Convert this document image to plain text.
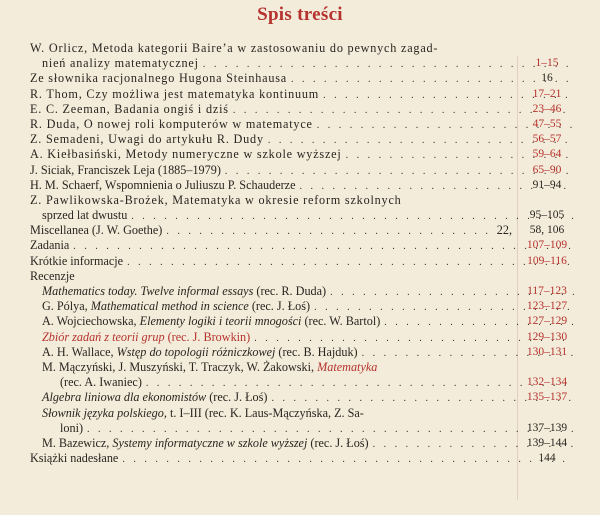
Spis treści
W. Orlicz, Metoda kategorii Baire’a w zastosowaniu do pewnych zagad-
nień analizy matematycznej . . .	1–15
Ze słownika racjonalnego Hugona Steinhausa . . .	16
R. Thom, Czy możliwa jest matematyka kontinuum . . .	17–21
E. C. Zeeman, Badania ongiś i dziś . . .	23–46
R. Duda, O nowej roli komputerów w matematyce . . .	47–55
Z. Semadeni, Uwagi do artykułu R. Dudy . . .	56–57
A. Kiełbasiński, Metody numeryczne w szkole wyższej . . .	59–64
J. Siciak, Franciszek Leja (1885–1979) . . .	65–90
H. M. Schaerf, Wspomnienia o Juliuszu P. Schauderze . . .	91–94
Z. Pawlikowska-Brożek, Matematyka w okresie reform szkolnych
sprzed lat dwustu . . .	95–105
Miscellanea (J. W. Goethe) . . .	22,	58, 106
Zadania . . .	107–109
Krótkie informacje . . .	109–116
Recenzje
Mathematics today. Twelve informal essays (rec. R. Duda) . . .	117–123
G. Pólya, Mathematical method in science (rec. J. Łoś) . . .	123–127
A. Wojciechowska, Elementy logiki i teorii mnogości (rec. W. Bartol) . . .	127–129
Zbiór zadań z teorii grup (rec. J. Browkin) . . .	129–130
A. H. Wallace, Wstęp do topologii różniczkowej (rec. B. Hajduk) . . .	130–131
M. Mączyński, J. Muszyński, T. Traczyk, W. Żakowski, Matematyka
(rec. A. Iwaniec) . . .	132–134
Algebra liniowa dla ekonomistów (rec. J. Łoś) . . .	135–137
Słownik języka polskiego, t. I–III (rec. K. Laus-Mączyńska, Z. Sa-
loni) . . .	137–139
M. Bazewicz, Systemy informatyczne w szkole wyższej (rec. J. Łoś) . . .	139–144
Książki nadesłane . . .	144
